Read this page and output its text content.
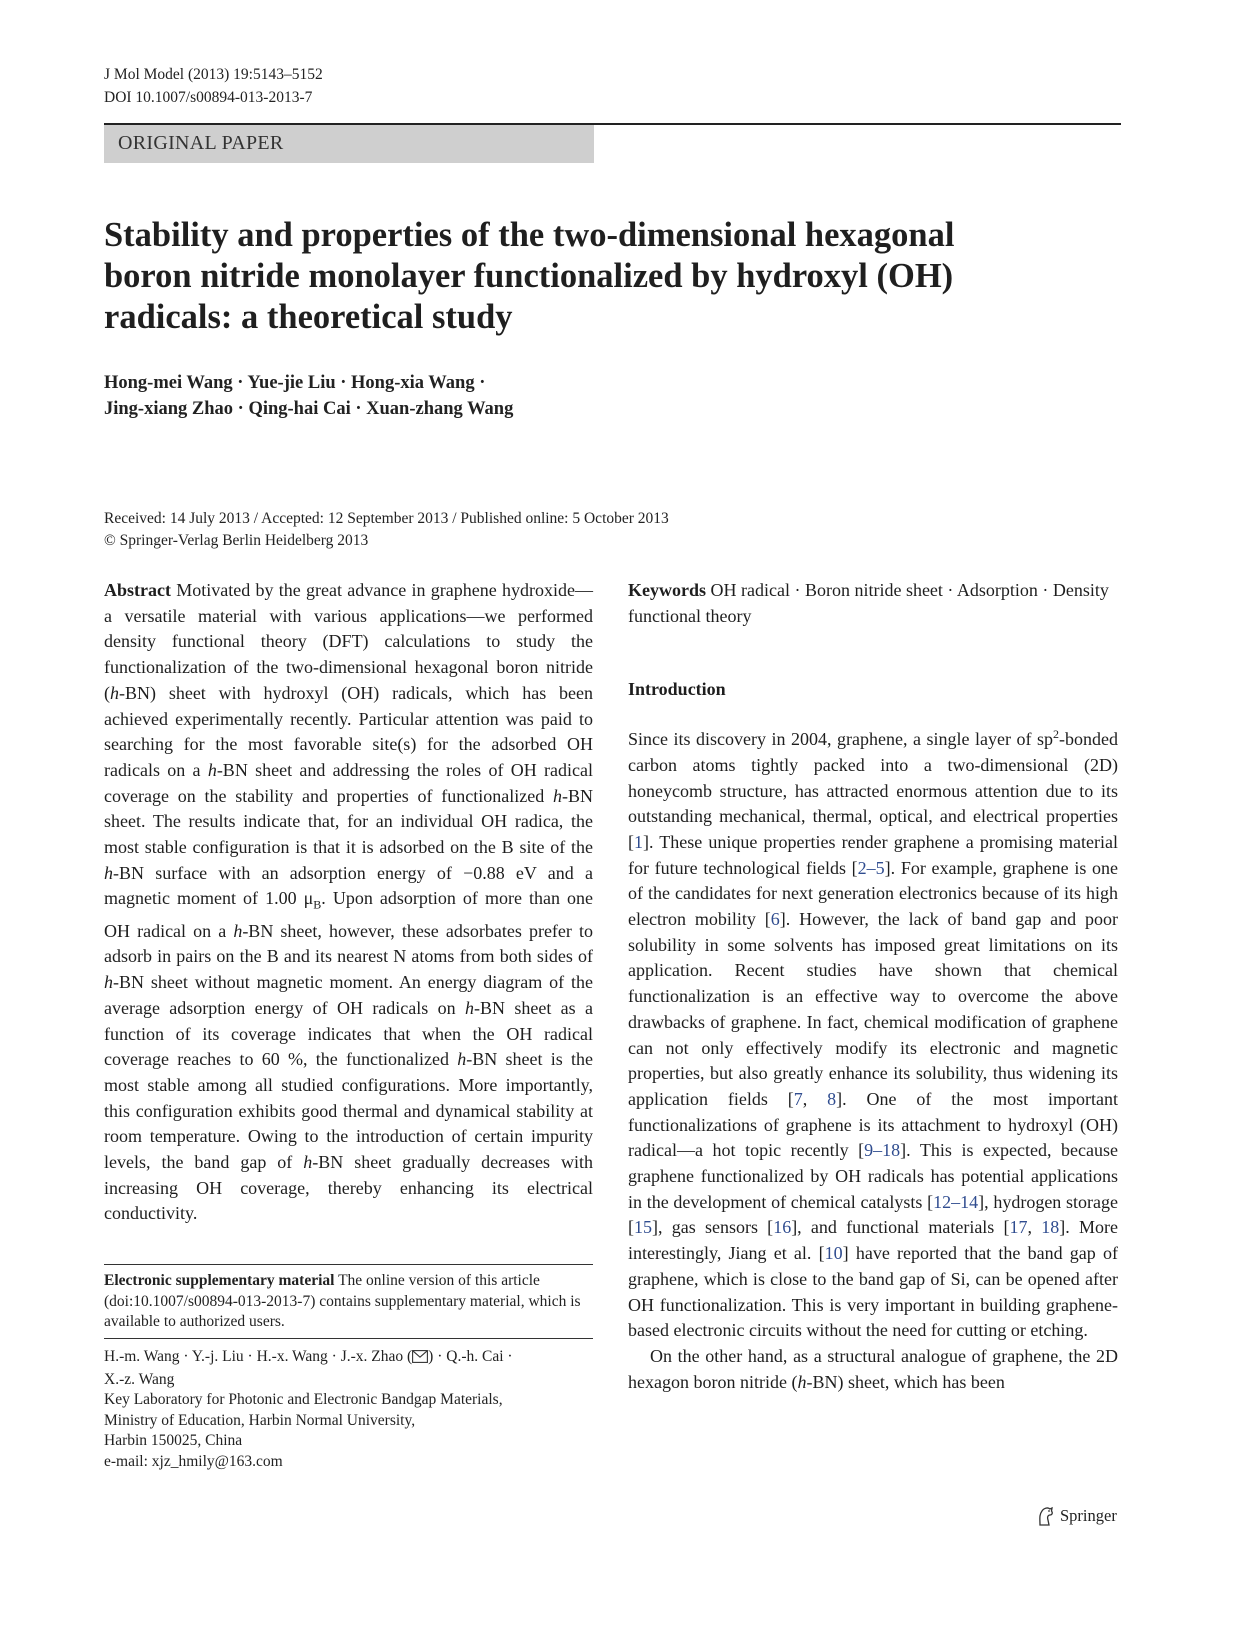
J Mol Model (2013) 19:5143–5152
DOI 10.1007/s00894-013-2013-7
ORIGINAL PAPER
Stability and properties of the two-dimensional hexagonal boron nitride monolayer functionalized by hydroxyl (OH) radicals: a theoretical study
Hong-mei Wang · Yue-jie Liu · Hong-xia Wang ·
Jing-xiang Zhao · Qing-hai Cai · Xuan-zhang Wang
Received: 14 July 2013 / Accepted: 12 September 2013 / Published online: 5 October 2013
© Springer-Verlag Berlin Heidelberg 2013

Abstract Motivated by the great advance in graphene hydroxide—a versatile material with various applications—we performed density functional theory (DFT) calculations to study the functionalization of the two-dimensional hexagonal boron nitride (h-BN) sheet with hydroxyl (OH) radicals, which has been achieved experimentally recently. Particular attention was paid to searching for the most favorable site(s) for the adsorbed OH radicals on a h-BN sheet and addressing the roles of OH radical coverage on the stability and properties of functionalized h-BN sheet. The results indicate that, for an individual OH radica, the most stable configuration is that it is adsorbed on the B site of the h-BN surface with an adsorption energy of −0.88 eV and a magnetic moment of 1.00 $\mu_B$. Upon adsorption of more than one OH radical on a h-BN sheet, however, these adsorbates prefer to adsorb in pairs on the B and its nearest N atoms from both sides of h-BN sheet without magnetic moment. An energy diagram of the average adsorption energy of OH radicals on h-BN sheet as a function of its coverage indicates that when the OH radical coverage reaches to 60 %, the functionalized h-BN sheet is the most stable among all studied configurations. More importantly, this configuration exhibits good thermal and dynamical stability at room temperature. Owing to the introduction of certain impurity levels, the band gap of h-BN sheet gradually decreases with increasing OH coverage, thereby enhancing its electrical conductivity.

Electronic supplementary material The online version of this article (doi:10.1007/s00894-013-2013-7) contains supplementary material, which is available to authorized users.
H.-m. Wang · Y.-j. Liu · H.-x. Wang · J.-x. Zhao ( ) · Q.-h. Cai ·
X.-z. Wang
Key Laboratory for Photonic and Electronic Bandgap Materials,
Ministry of Education, Harbin Normal University,
Harbin 150025, China
e-mail: xjz_hmily@163.com

Keywords OH radical · Boron nitride sheet · Adsorption · Density functional theory

Introduction

Since its discovery in 2004, graphene, a single layer of $sp^2$-bonded carbon atoms tightly packed into a two-dimensional (2D) honeycomb structure, has attracted enormous attention due to its outstanding mechanical, thermal, optical, and electrical properties [1]. These unique properties render graphene a promising material for future technological fields [2–5]. For example, graphene is one of the candidates for next generation electronics because of its high electron mobility [6]. However, the lack of band gap and poor solubility in some solvents has imposed great limitations on its application. Recent studies have shown that chemical functionalization is an effective way to overcome the above drawbacks of graphene. In fact, chemical modification of graphene can not only effectively modify its electronic and magnetic properties, but also greatly enhance its solubility, thus widening its application fields [7, 8]. One of the most important functionalizations of graphene is its attachment to hydroxyl (OH) radical—a hot topic recently [9–18]. This is expected, because graphene functionalized by OH radicals has potential applications in the development of chemical catalysts [12–14], hydrogen storage [15], gas sensors [16], and functional materials [17, 18]. More interestingly, Jiang et al. [10] have reported that the band gap of graphene, which is close to the band gap of Si, can be opened after OH functionalization. This is very important in building graphene-based electronic circuits without the need for cutting or etching.

On the other hand, as a structural analogue of graphene, the 2D hexagon boron nitride (h-BN) sheet, which has been

Springer
